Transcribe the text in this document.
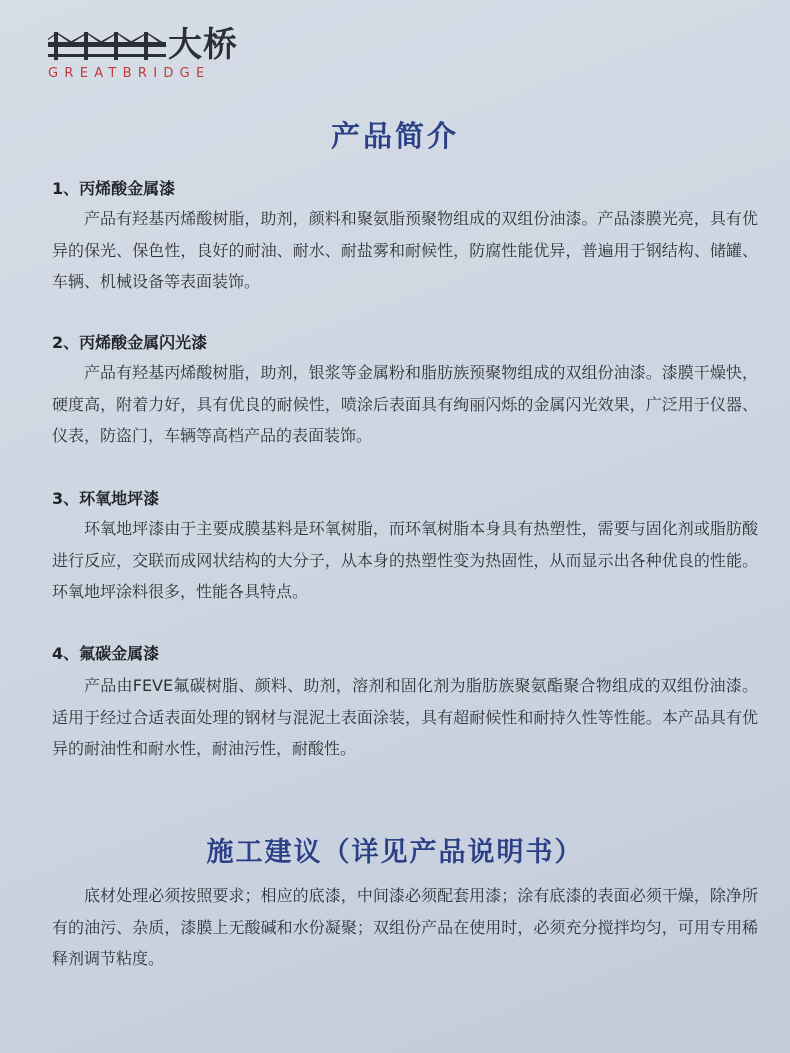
大桥
GREATBRIDGE
产品简介
1、丙烯酸金属漆

产品有羟基丙烯酸树脂，助剂，颜料和聚氨脂预聚物组成的双组份油漆。产品漆膜光亮，具有优异的保光、保色性，良好的耐油、耐水、耐盐雾和耐候性，防腐性能优异，普遍用于钢结构、储罐、车辆、机械设备等表面装饰。

2、丙烯酸金属闪光漆

产品有羟基丙烯酸树脂，助剂，银浆等金属粉和脂肪族预聚物组成的双组份油漆。漆膜干燥快，硬度高，附着力好，具有优良的耐候性，喷涂后表面具有绚丽闪烁的金属闪光效果，广泛用于仪器、仪表，防盗门，车辆等高档产品的表面装饰。

3、环氧地坪漆

环氧地坪漆由于主要成膜基料是环氧树脂，而环氧树脂本身具有热塑性，需要与固化剂或脂肪酸进行反应，交联而成网状结构的大分子，从本身的热塑性变为热固性，从而显示出各种优良的性能。环氧地坪涂料很多，性能各具特点。

4、氟碳金属漆

产品由FEVE氟碳树脂、颜料、助剂，溶剂和固化剂为脂肪族聚氨酯聚合物组成的双组份油漆。适用于经过合适表面处理的钢材与混泥土表面涂装，具有超耐候性和耐持久性等性能。本产品具有优异的耐油性和耐水性，耐油污性，耐酸性。

施工建议（详见产品说明书）

底材处理必须按照要求；相应的底漆，中间漆必须配套用漆；涂有底漆的表面必须干燥，除净所有的油污、杂质，漆膜上无酸碱和水份凝聚；双组份产品在使用时，必须充分搅拌均匀，可用专用稀释剂调节粘度。
